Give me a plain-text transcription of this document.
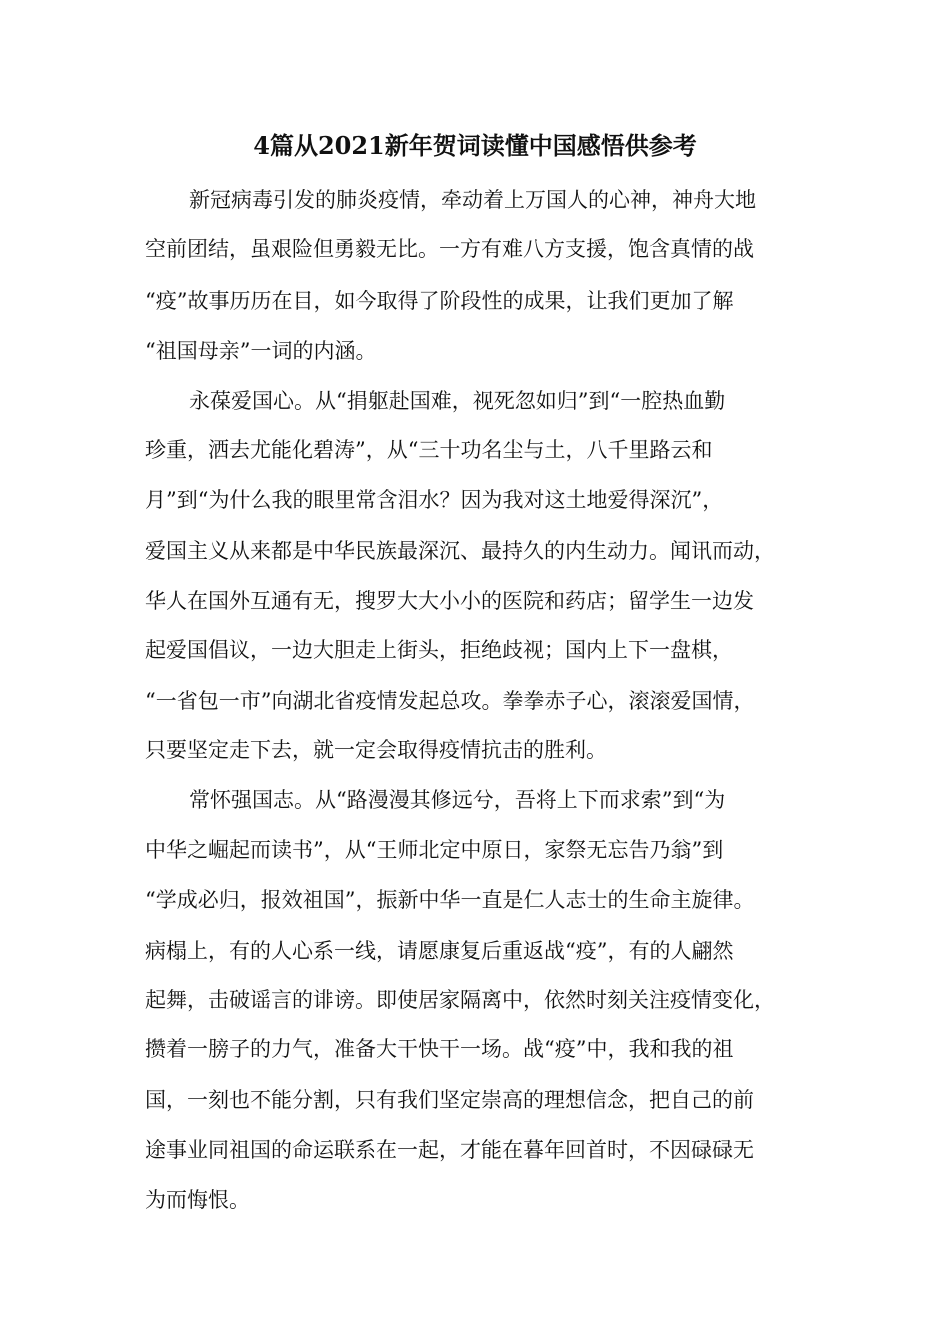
4篇从2021新年贺词读懂中国感悟供参考
新冠病毒引发的肺炎疫情，牵动着上万国人的心神，神舟大地
空前团结，虽艰险但勇毅无比。一方有难八方支援，饱含真情的战
“疫”故事历历在目，如今取得了阶段性的成果，让我们更加了解
“祖国母亲”一词的内涵。
永葆爱国心。从“捐躯赴国难，视死忽如归”到“一腔热血勤
珍重，洒去尤能化碧涛”，从“三十功名尘与土，八千里路云和
月”到“为什么我的眼里常含泪水？因为我对这土地爱得深沉”，
爱国主义从来都是中华民族最深沉、最持久的内生动力。闻讯而动，
华人在国外互通有无，搜罗大大小小的医院和药店；留学生一边发
起爱国倡议，一边大胆走上街头，拒绝歧视；国内上下一盘棋，
“一省包一市”向湖北省疫情发起总攻。拳拳赤子心，滚滚爱国情，
只要坚定走下去，就一定会取得疫情抗击的胜利。
常怀强国志。从“路漫漫其修远兮，吾将上下而求索”到“为
中华之崛起而读书”，从“王师北定中原日，家祭无忘告乃翁”到
“学成必归，报效祖国”，振新中华一直是仁人志士的生命主旋律。
病榻上，有的人心系一线，请愿康复后重返战“疫”，有的人翩然
起舞，击破谣言的诽谤。即使居家隔离中，依然时刻关注疫情变化，
攒着一膀子的力气，准备大干快干一场。战“疫”中，我和我的祖
国，一刻也不能分割，只有我们坚定崇高的理想信念，把自己的前
途事业同祖国的命运联系在一起，才能在暮年回首时，不因碌碌无
为而悔恨。
